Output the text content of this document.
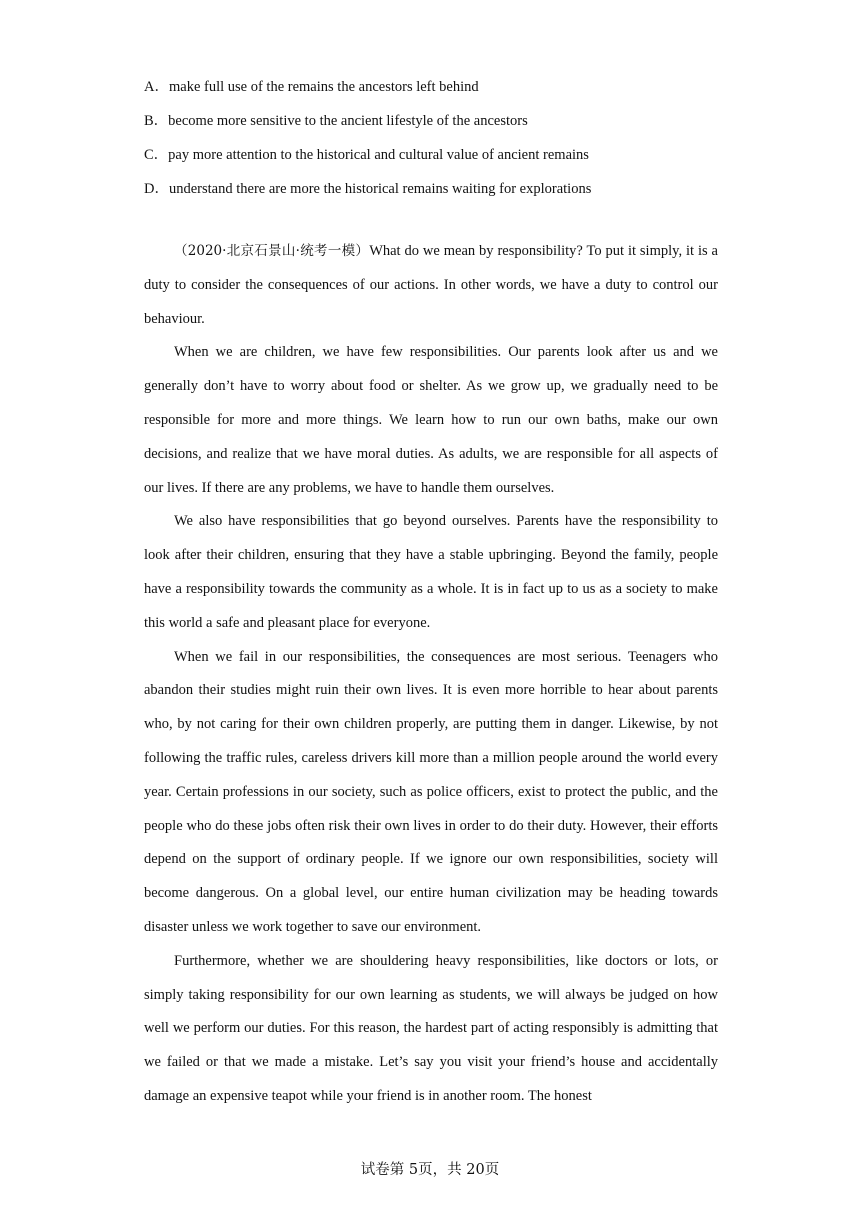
A．make full use of the remains the ancestors left behind
B．become more sensitive to the ancient lifestyle of the ancestors
C．pay more attention to the historical and cultural value of ancient remains
D．understand there are more the historical remains waiting for explorations

（2020·北京石景山·统考一模）What do we mean by responsibility? To put it simply, it is a duty to consider the consequences of our actions. In other words, we have a duty to control our behaviour.

When we are children, we have few responsibilities. Our parents look after us and we generally don’t have to worry about food or shelter. As we grow up, we gradually need to be responsible for more and more things. We learn how to run our own baths, make our own decisions, and realize that we have moral duties. As adults, we are responsible for all aspects of our lives. If there are any problems, we have to handle them ourselves.

We also have responsibilities that go beyond ourselves. Parents have the responsibility to look after their children, ensuring that they have a stable upbringing. Beyond the family, people have a responsibility towards the community as a whole. It is in fact up to us as a society to make this world a safe and pleasant place for everyone.

When we fail in our responsibilities, the consequences are most serious. Teenagers who abandon their studies might ruin their own lives. It is even more horrible to hear about parents who, by not caring for their own children properly, are putting them in danger. Likewise, by not following the traffic rules, careless drivers kill more than a million people around the world every year. Certain professions in our society, such as police officers, exist to protect the public, and the people who do these jobs often risk their own lives in order to do their duty. However, their efforts depend on the support of ordinary people. If we ignore our own responsibilities, society will become dangerous. On a global level, our entire human civilization may be heading towards disaster unless we work together to save our environment.

Furthermore, whether we are shouldering heavy responsibilities, like doctors or lots, or simply taking responsibility for our own learning as students, we will always be judged on how well we perform our duties. For this reason, the hardest part of acting responsibly is admitting that we failed or that we made a mistake. Let’s say you visit your friend’s house and accidentally damage an expensive teapot while your friend is in another room. The honest

试卷第 5页，共 20页
